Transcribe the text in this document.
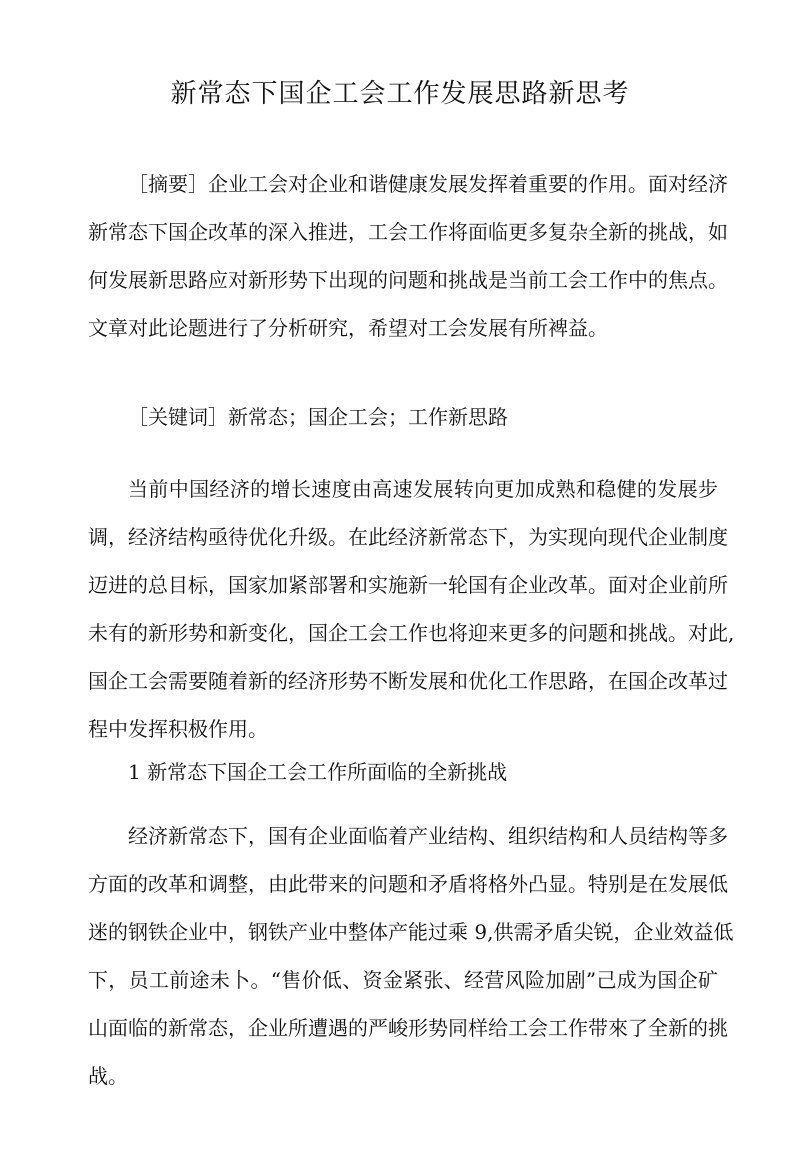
新常态下国企工会工作发展思路新思考
［摘要］企业工会对企业和谐健康发展发挥着重要的作用。面对经济
新常态下国企改革的深入推进，工会工作将面临更多复杂全新的挑战，如
何发展新思路应对新形势下出现的问题和挑战是当前工会工作中的焦点。
文章对此论题进行了分析研究，希望对工会发展有所裨益。
［关键词］新常态；国企工会；工作新思路
当前中国经济的增长速度由高速发展转向更加成熟和稳健的发展步
调，经济结构亟待优化升级。在此经济新常态下，为实现向现代企业制度
迈进的总目标，国家加紧部署和实施新一轮国有企业改革。面对企业前所
未有的新形势和新变化，国企工会工作也将迎来更多的问题和挑战。对此,
国企工会需要随着新的经济形势不断发展和优化工作思路，在国企改革过
程中发挥积极作用。
1 新常态下国企工会工作所面临的全新挑战
经济新常态下，国有企业面临着产业结构、组织结构和人员结构等多
方面的改革和调整，由此带来的问题和矛盾将格外凸显。特别是在发展低
迷的钢铁企业中，钢铁产业中整体产能过乘 9,供需矛盾尖锐，企业效益低
下，员工前途未卜。“售价低、资金紧张、经营风险加剧”己成为国企矿
山面临的新常态，企业所遭遇的严峻形势同样给工会工作带來了全新的挑
战。
